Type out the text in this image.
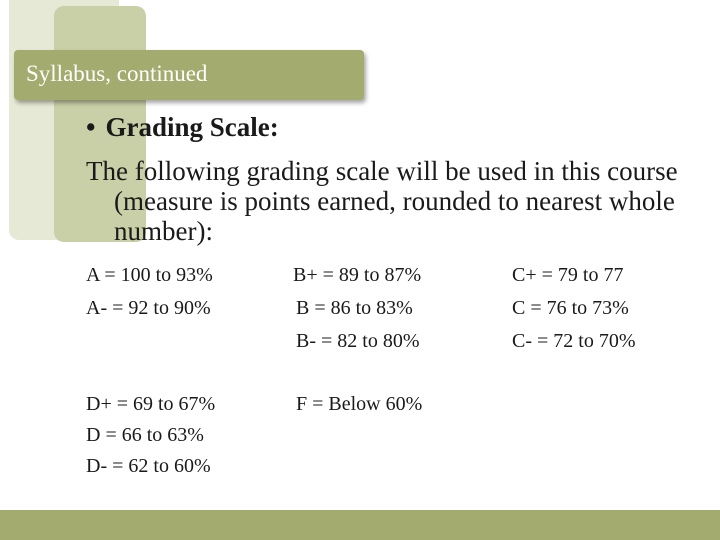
Syllabus, continued
• Grading Scale:
The following grading scale will be used in this course (measure is points earned, rounded to nearest whole number):
A = 100 to 93%
A- = 92 to 90%
B+ = 89 to 87%
B = 86 to 83%
B- = 82 to 80%
C+ = 79 to 77
C = 76 to 73%
C- = 72 to 70%
D+ = 69 to 67%
D = 66 to 63%
D- = 62 to 60%
F = Below 60%
